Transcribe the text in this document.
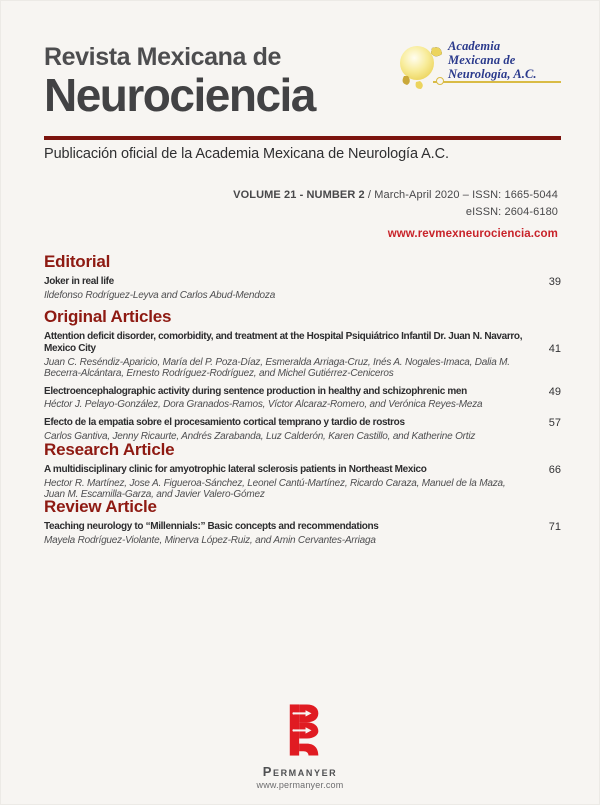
Revista Mexicana de
Neurociencia
Academia
Mexicana de
Neurología, A.C.
Publicación oficial de la Academia Mexicana de Neurología A.C.
VOLUME 21 - NUMBER 2 / March-April 2020 – ISSN: 1665-5044
eISSN: 2604-6180
www.revmexneurociencia.com
Editorial
Joker in real life	39
Ildefonso Rodríguez-Leyva and Carlos Abud-Mendoza
Original Articles
Attention deficit disorder, comorbidity, and treatment at the Hospital Psiquiátrico Infantil Dr. Juan N. Navarro, Mexico City	41
Juan C. Reséndiz-Aparicio, María del P. Poza-Díaz, Esmeralda Arriaga-Cruz, Inés A. Nogales-Imaca, Dalia M. Becerra-Alcántara, Ernesto Rodríguez-Rodríguez, and Michel Gutiérrez-Ceniceros
Electroencephalographic activity during sentence production in healthy and schizophrenic men	49
Héctor J. Pelayo-González, Dora Granados-Ramos, Víctor Alcaraz-Romero, and Verónica Reyes-Meza
Efecto de la empatia sobre el procesamiento cortical temprano y tardio de rostros	57
Carlos Gantiva, Jenny Ricaurte, Andrés Zarabanda, Luz Calderón, Karen Castillo, and Katherine Ortiz
Research Article
A multidisciplinary clinic for amyotrophic lateral sclerosis patients in Northeast Mexico	66
Hector R. Martínez, Jose A. Figueroa-Sánchez, Leonel Cantú-Martínez, Ricardo Caraza, Manuel de la Maza, Juan M. Escamilla-Garza, and Javier Valero-Gómez
Review Article
Teaching neurology to “Millennials:” Basic concepts and recommendations	71
Mayela Rodríguez-Violante, Minerva López-Ruiz, and Amin Cervantes-Arriaga
Permanyer
www.permanyer.com
